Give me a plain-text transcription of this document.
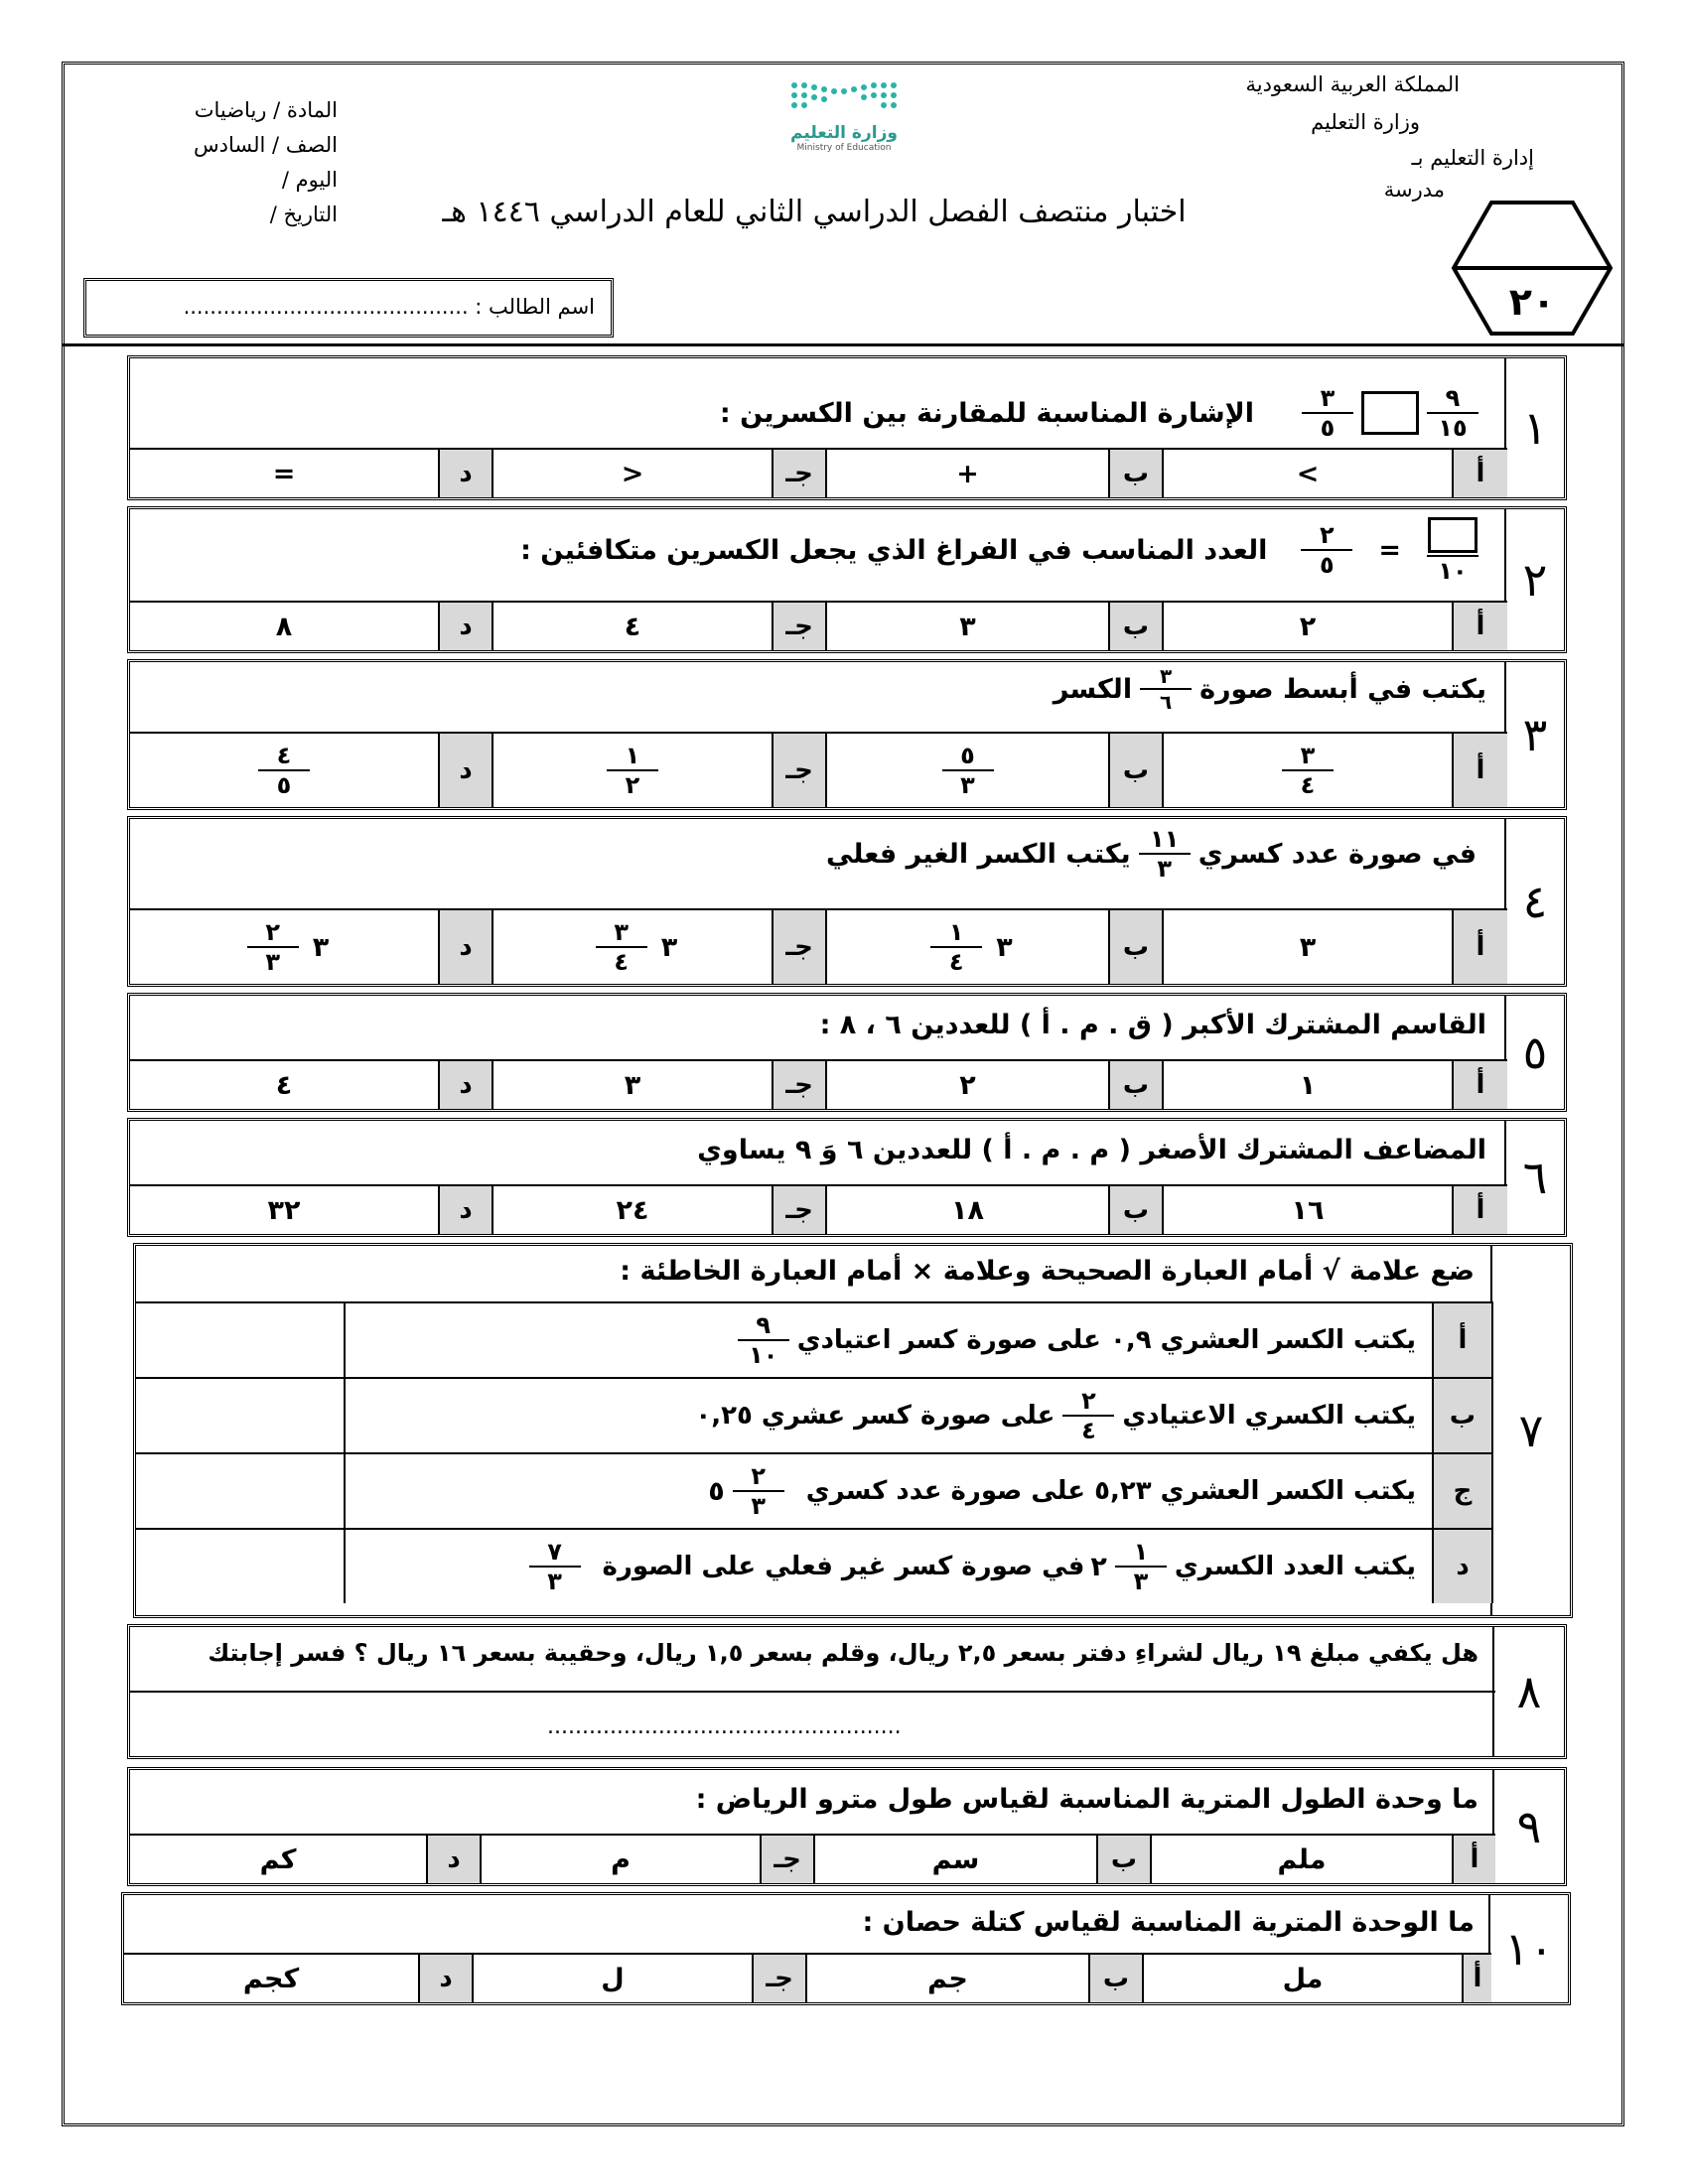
المملكة العربية السعودية
وزارة التعليم
إدارة التعليم بـ
مدرسة
المادة / رياضيات
الصف / السادس
اليوم /
التاريخ /
وزارة التعليم
Ministry of Education
اختبار منتصف الفصل الدراسي الثاني للعام الدراسي ١٤٤٦ هـ
٢٠
اسم الطالب : ...........................................
١
الإشارة المناسبة للمقارنة بين الكسرين : $\frac{٣}{٥}$	$\frac{٩}{١٥}$
أ
<
ب
+
جـ
>
د
=
٢
العدد المناسب في الفراغ الذي يجعل الكسرين متكافئين : $\frac{٢}{٥}$ =
١٠
أ
٢
ب
٣
جـ
٤
د
٨
٣
الكسر $\frac{٣}{٦}$ يكتب في أبسط صورة
أ
$\frac{٣}{٤}$
ب
$\frac{٥}{٣}$
جـ
$\frac{١}{٢}$
د
$\frac{٤}{٥}$
٤
يكتب الكسر الغير فعلي $\frac{١١}{٣}$ في صورة عدد كسري
أ
٣
ب
٣
$\frac{١}{٤}$
جـ
٣
$\frac{٣}{٤}$
د
٣
$\frac{٢}{٣}$
٥
القاسم المشترك الأكبر ( ق . م . أ ) للعددين ٦ ، ٨ :
أ
١
ب
٢
جـ
٣
د
٤
٦
المضاعف المشترك الأصغر ( م . م . أ ) للعددين ٦ وَ ٩ يساوي
أ
١٦
ب
١٨
جـ
٢٤
د
٣٢
٧
ضع علامة √ أمام العبارة الصحيحة وعلامة × أمام العبارة الخاطئة :
أ
يكتب الكسر العشري ٠,٩ على صورة كسر اعتيادي
$\frac{٩}{١٠}$
ب
يكتب الكسري الاعتيادي
$\frac{٢}{٤}$
على صورة كسر عشري ٠,٢٥
ج
يكتب الكسر العشري ٥,٢٣ على صورة عدد كسري
٥ $\frac{٢}{٣}$
د
يكتب العدد الكسري
٢ $\frac{١}{٣}$
في صورة كسر غير فعلي على الصورة
$\frac{٧}{٣}$
٨
هل يكفي مبلغ ١٩ ريال لشراءِ دفتر بسعر ٢,٥ ريال، وقلم بسعر ١,٥ ريال، وحقيبة بسعر ١٦ ريال ؟ فسر إجابتك
...................................................
٩
ما وحدة الطول المترية المناسبة لقياس طول مترو الرياض :
أ
ملم
ب
سم
جـ
م
د
كم
١٠
ما الوحدة المترية المناسبة لقياس كتلة حصان :
أ
مل
ب
جم
جـ
ل
د
كجم
